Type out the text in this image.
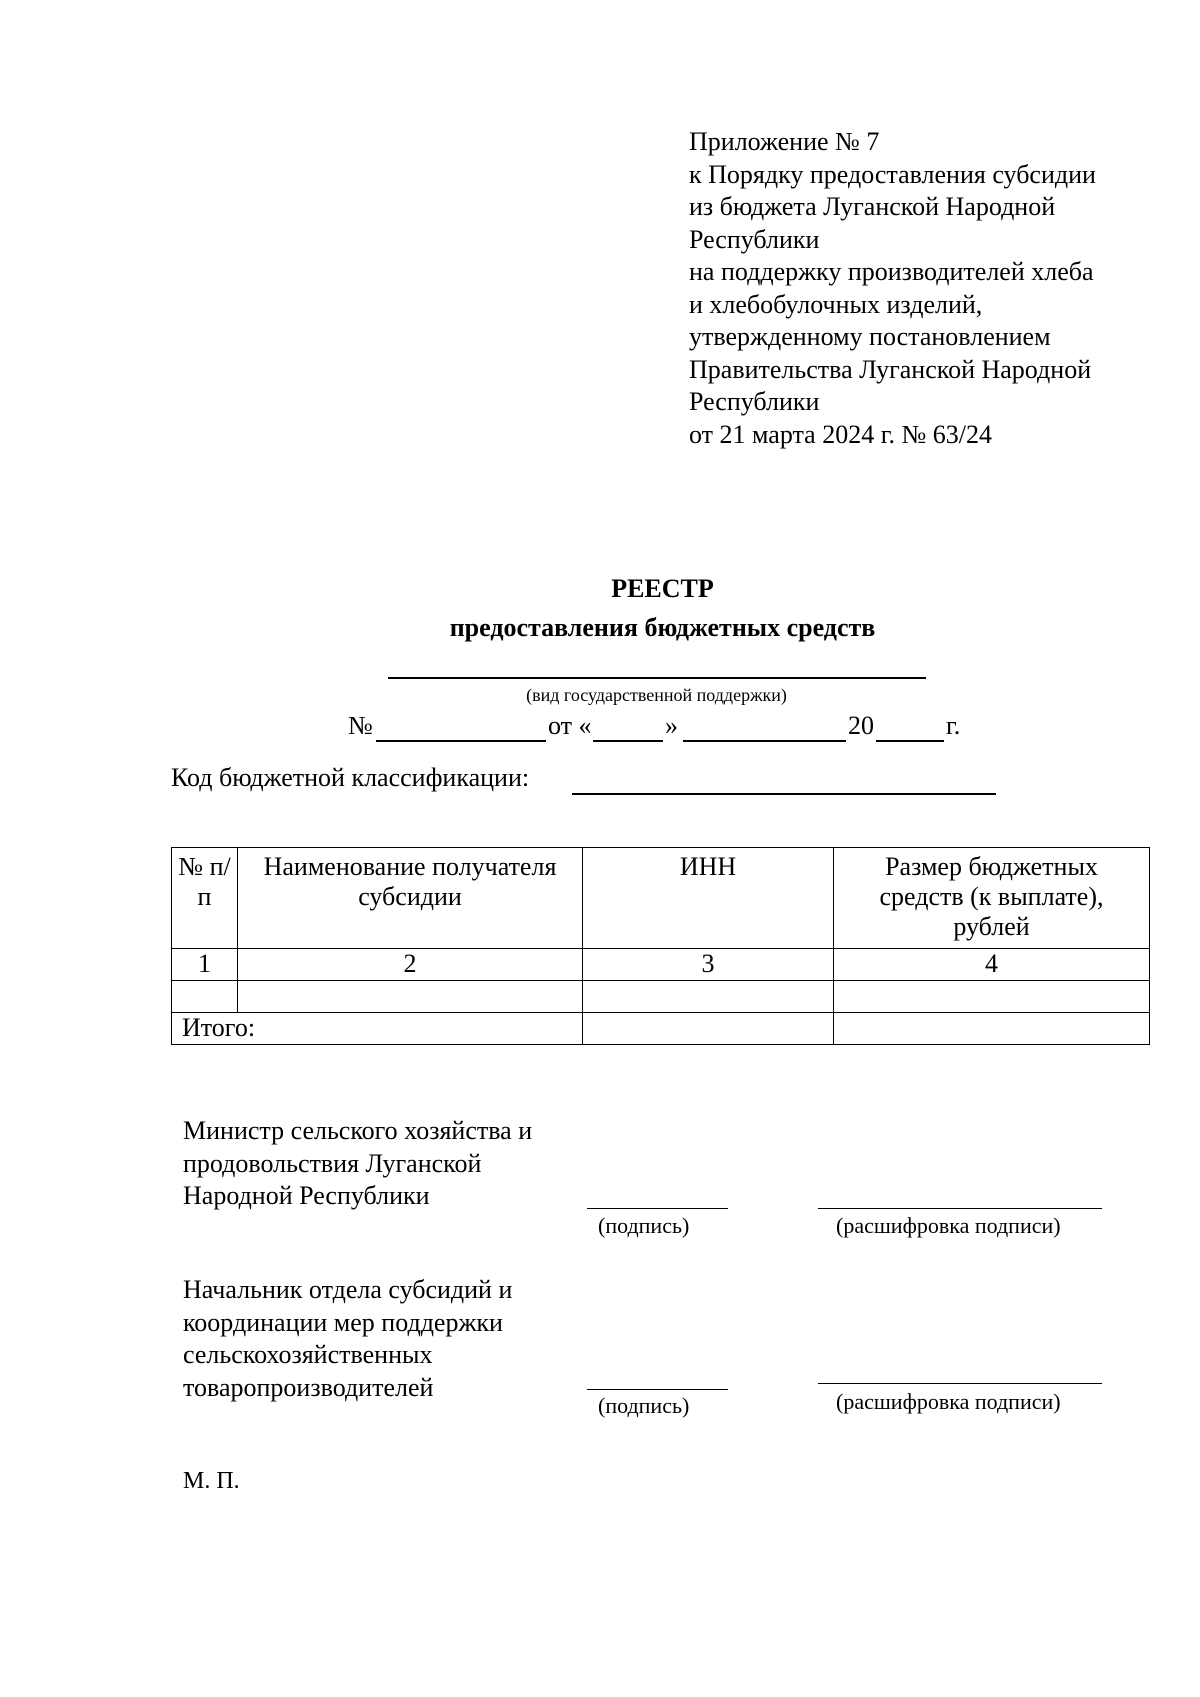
Приложение № 7
к Порядку предоставления субсидии
из бюджета Луганской Народной
Республики
на поддержку производителей хлеба
и хлебобулочных изделий,
утвержденному постановлением
Правительства Луганской Народной
Республики
от 21 марта 2024 г. № 63/24
РЕЕСТР
предоставления бюджетных средств
(вид государственной поддержки)
№	от «	»	20	г.
Код бюджетной классификации:
№ п/п	Наименование получателя субсидии	ИНН	Размер бюджетных средств (к выплате), рублей
1	2	3	4

Итого:			
Министр сельского хозяйства и продовольствия Луганской Народной Республики
(подпись)	(расшифровка подписи)
Начальник отдела субсидий и координации мер поддержки сельскохозяйственных товаропроизводителей
(подпись)	(расшифровка подписи)
М. П.
